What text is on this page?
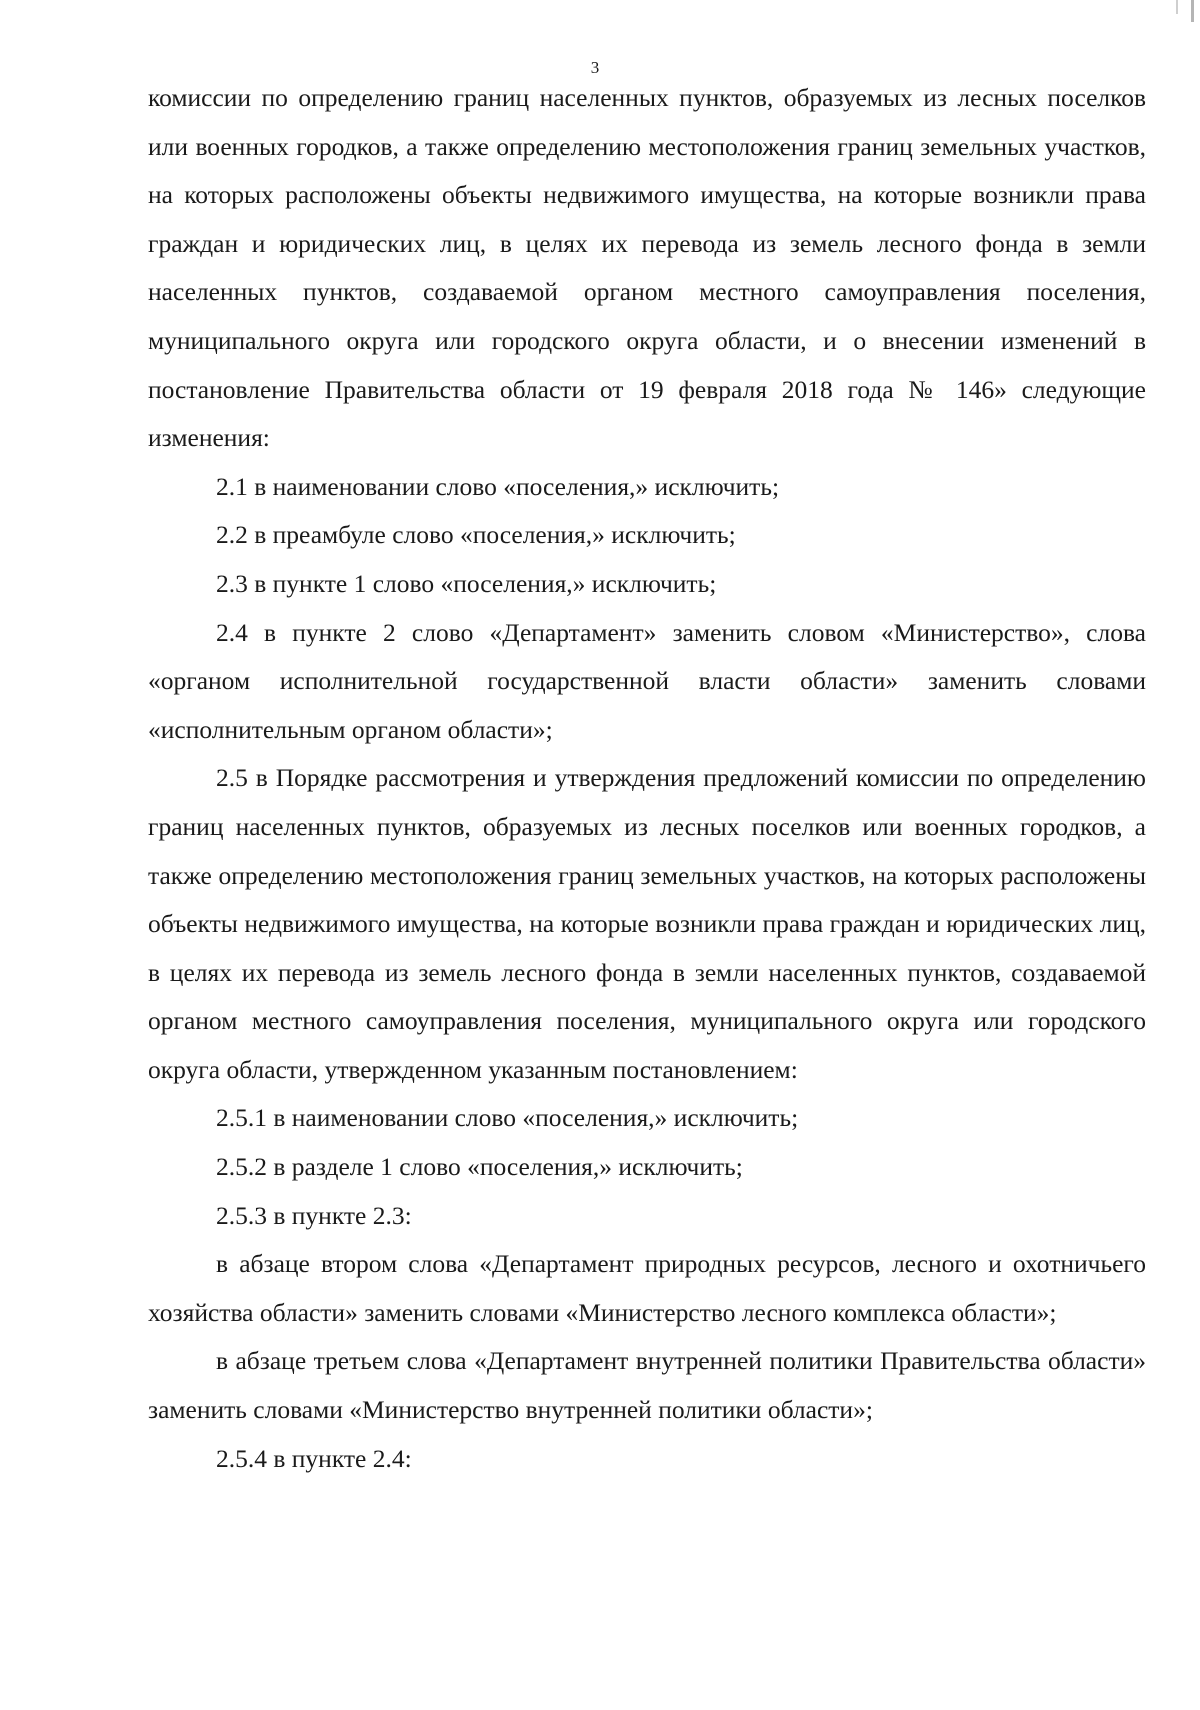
3

комиссии по определению границ населенных пунктов, образуемых из лесных поселков или военных городков, а также определению местоположения границ земельных участков, на которых расположены объекты недвижимого имущества, на которые возникли права граждан и юридических лиц, в целях их перевода из земель лесного фонда в земли населенных пунктов, создаваемой органом местного самоуправления поселения, муниципального округа или городского округа области, и о внесении изменений в постановление Правительства области от 19 февраля 2018 года № 146» следующие изменения:

2.1 в наименовании слово «поселения,» исключить;

2.2 в преамбуле слово «поселения,» исключить;

2.3 в пункте 1 слово «поселения,» исключить;

2.4 в пункте 2 слово «Департамент» заменить словом «Министерство», слова «органом исполнительной государственной власти области» заменить словами «исполнительным органом области»;

2.5 в Порядке рассмотрения и утверждения предложений комиссии по определению границ населенных пунктов, образуемых из лесных поселков или военных городков, а также определению местоположения границ земельных участков, на которых расположены объекты недвижимого имущества, на которые возникли права граждан и юридических лиц, в целях их перевода из земель лесного фонда в земли населенных пунктов, создаваемой органом местного самоуправления поселения, муниципального округа или городского округа области, утвержденном указанным постановлением:

2.5.1 в наименовании слово «поселения,» исключить;

2.5.2 в разделе 1 слово «поселения,» исключить;

2.5.3 в пункте 2.3:

в абзаце втором слова «Департамент природных ресурсов, лесного и охотничьего хозяйства области» заменить словами «Министерство лесного комплекса области»;

в абзаце третьем слова «Департамент внутренней политики Правительства области» заменить словами «Министерство внутренней политики области»;

2.5.4 в пункте 2.4:
